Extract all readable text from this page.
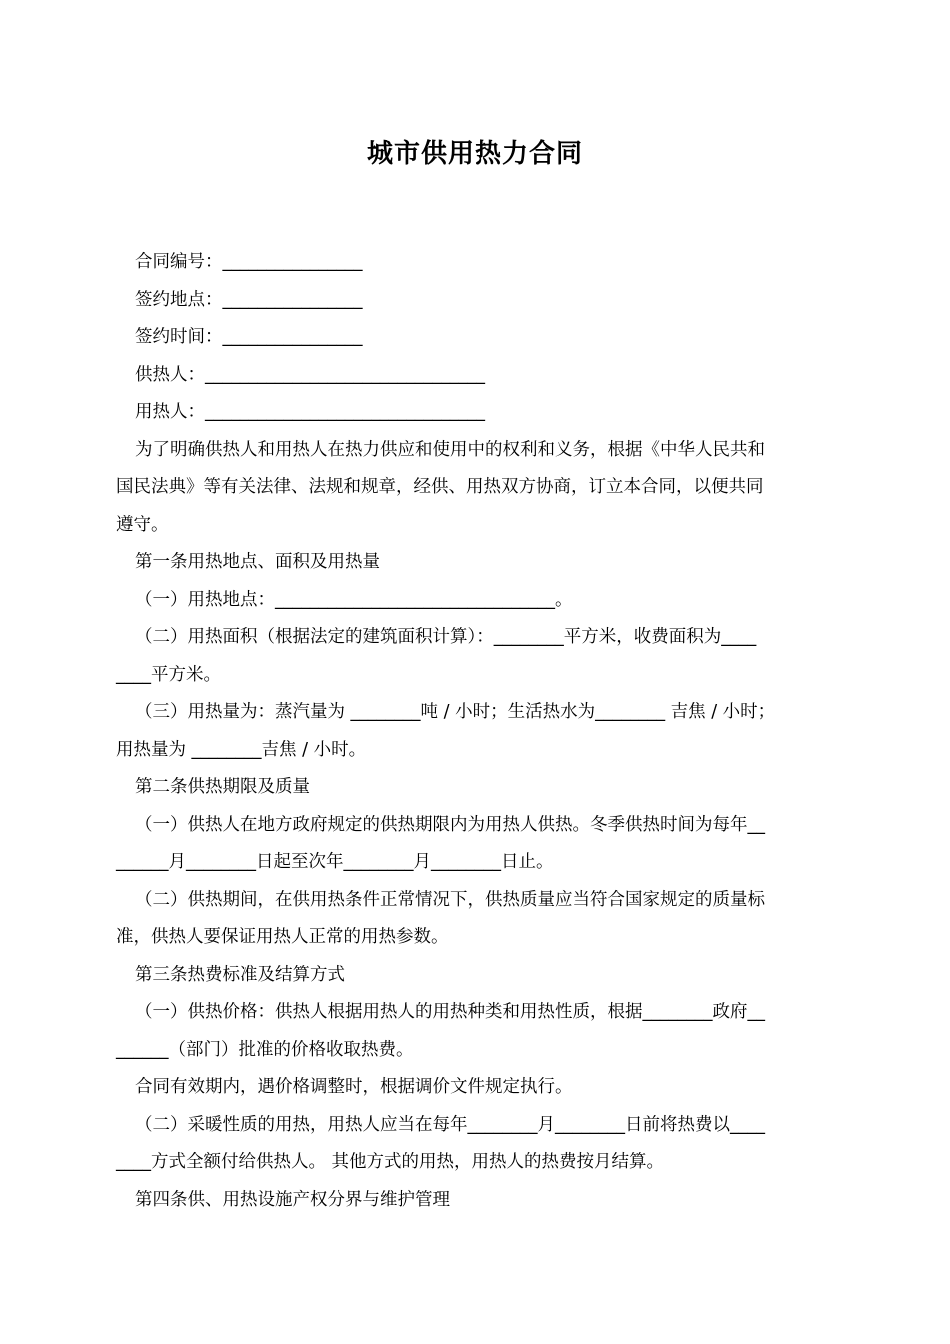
城市供用热力合同
合同编号：________________
签约地点：________________
签约时间：________________
供热人：________________________________
用热人：________________________________
为了明确供热人和用热人在热力供应和使用中的权利和义务，根据《中华人民共和
国民法典》等有关法律、法规和规章，经供、用热双方协商，订立本合同，以便共同
遵守。
第一条用热地点、面积及用热量
（一）用热地点：________________________________。
（二）用热面积（根据法定的建筑面积计算）：________平方米，收费面积为____
____平方米。
（三）用热量为：蒸汽量为 ________吨 / 小时；生活热水为________ 吉焦 / 小时；
用热量为 ________吉焦 / 小时。
第二条供热期限及质量
（一）供热人在地方政府规定的供热期限内为用热人供热。冬季供热时间为每年__
______月________日起至次年________月________日止。
（二）供热期间，在供用热条件正常情况下，供热质量应当符合国家规定的质量标
准，供热人要保证用热人正常的用热参数。
第三条热费标准及结算方式
（一）供热价格：供热人根据用热人的用热种类和用热性质，根据________政府__
______（部门）批准的价格收取热费。
合同有效期内，遇价格调整时，根据调价文件规定执行。
（二）采暖性质的用热，用热人应当在每年________月________日前将热费以____
____方式全额付给供热人。 其他方式的用热，用热人的热费按月结算。
第四条供、用热设施产权分界与维护管理
